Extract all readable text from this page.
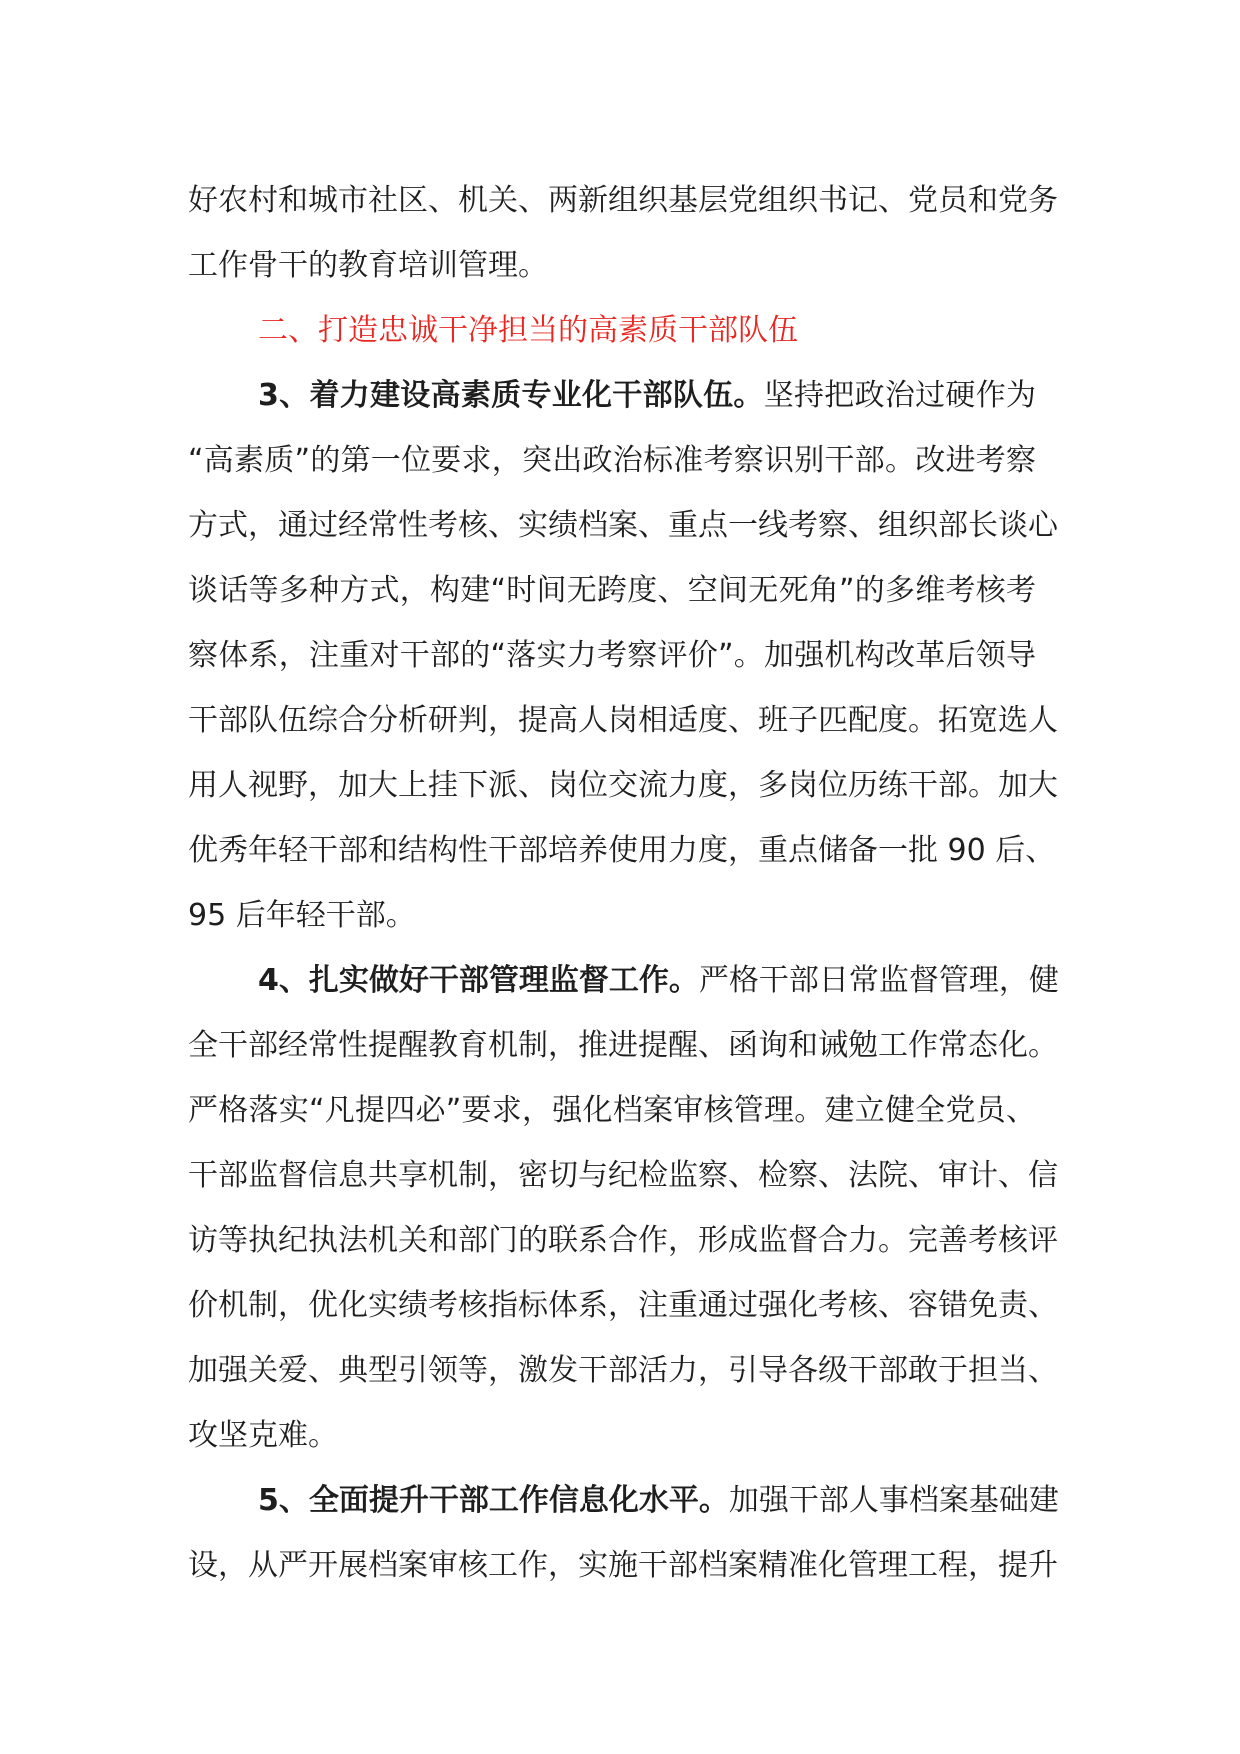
好农村和城市社区、机关、两新组织基层党组织书记、党员和党务
工作骨干的教育培训管理。
二、打造忠诚干净担当的高素质干部队伍
3、着力建设高素质专业化干部队伍。坚持把政治过硬作为
“高素质”的第一位要求，突出政治标准考察识别干部。改进考察
方式，通过经常性考核、实绩档案、重点一线考察、组织部长谈心
谈话等多种方式，构建“时间无跨度、空间无死角”的多维考核考
察体系，注重对干部的“落实力考察评价”。加强机构改革后领导
干部队伍综合分析研判，提高人岗相适度、班子匹配度。拓宽选人
用人视野，加大上挂下派、岗位交流力度，多岗位历练干部。加大
优秀年轻干部和结构性干部培养使用力度，重点储备一批 90 后、
95 后年轻干部。
4、扎实做好干部管理监督工作。严格干部日常监督管理，健
全干部经常性提醒教育机制，推进提醒、函询和诫勉工作常态化。
严格落实“凡提四必”要求，强化档案审核管理。建立健全党员、
干部监督信息共享机制，密切与纪检监察、检察、法院、审计、信
访等执纪执法机关和部门的联系合作，形成监督合力。完善考核评
价机制，优化实绩考核指标体系，注重通过强化考核、容错免责、
加强关爱、典型引领等，激发干部活力，引导各级干部敢于担当、
攻坚克难。
5、全面提升干部工作信息化水平。加强干部人事档案基础建
设，从严开展档案审核工作，实施干部档案精准化管理工程，提升
